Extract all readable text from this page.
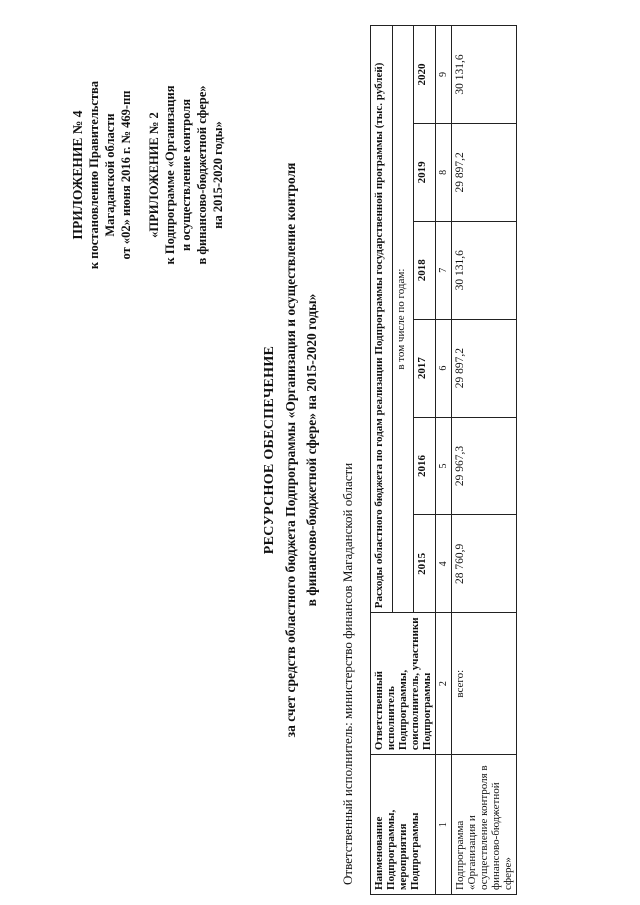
ПРИЛОЖЕНИЕ № 4 к постановлению Правительства Магаданской области от «02» июня 2016 г. № 469-пп «ПРИЛОЖЕНИЕ № 2 к Подпрограмме «Организация и осуществление контроля в финансово-бюджетной сфере» на 2015-2020 годы»
РЕСУРСНОЕ ОБЕСПЕЧЕНИЕ за счет средств областного бюджета Подпрограммы «Организация и осуществление контроля в финансово-бюджетной сфере» на 2015-2020 годы»
Ответственный исполнитель: министерство финансов Магаданской области Наименование Подпрограммы, мероприятия Подпрограммы	Ответственный исполнитель Подпрограммы, соисполнитель, участники Подпрограммы	Расходы областного бюджета по годам реализации Подпрограммы государственной программы (тыс. рублей)					
		в том числе по годам:					
		2015	2016	2017	2018	2019	2020
1	2	4	5	6	7	8	9
Подпрограмма «Организация и осуществление контроля в финансово-бюджетной сфере»	всего:	28 760,9	29 967,3	29 897,2	30 131,6	29 897,2	30 131,6
